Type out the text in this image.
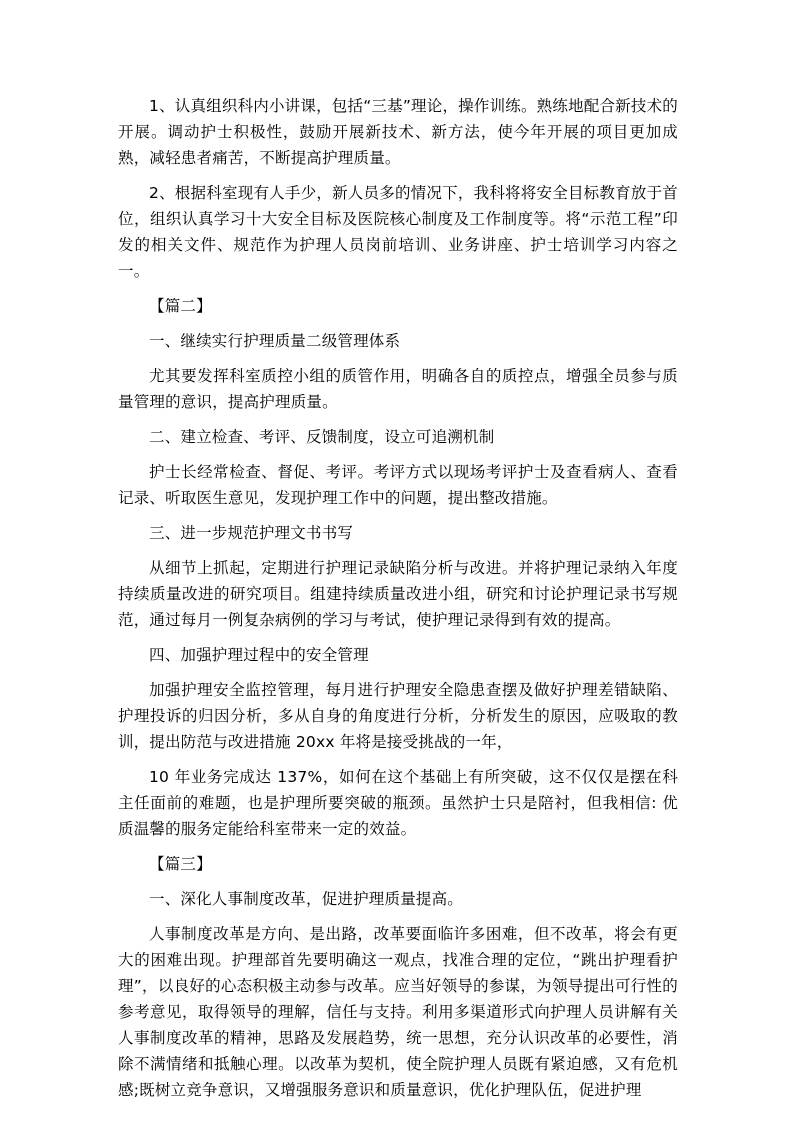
1、认真组织科内小讲课，包括“三基”理论，操作训练。熟练地配合新技术的开展。调动护士积极性，鼓励开展新技术、新方法，使今年开展的项目更加成熟，减轻患者痛苦，不断提高护理质量。

2、根据科室现有人手少，新人员多的情况下，我科将将安全目标教育放于首位，组织认真学习十大安全目标及医院核心制度及工作制度等。将“示范工程”印发的相关文件、规范作为护理人员岗前培训、业务讲座、护士培训学习内容之一。

【篇二】

一、继续实行护理质量二级管理体系

尤其要发挥科室质控小组的质管作用，明确各自的质控点，增强全员参与质量管理的意识，提高护理质量。

二、建立检查、考评、反馈制度，设立可追溯机制

护士长经常检查、督促、考评。考评方式以现场考评护士及查看病人、查看记录、听取医生意见，发现护理工作中的问题，提出整改措施。

三、进一步规范护理文书书写

从细节上抓起，定期进行护理记录缺陷分析与改进。并将护理记录纳入年度持续质量改进的研究项目。组建持续质量改进小组，研究和讨论护理记录书写规范，通过每月一例复杂病例的学习与考试，使护理记录得到有效的提高。

四、加强护理过程中的安全管理

加强护理安全监控管理，每月进行护理安全隐患查摆及做好护理差错缺陷、护理投诉的归因分析，多从自身的角度进行分析，分析发生的原因，应吸取的教训，提出防范与改进措施 20xx 年将是接受挑战的一年，

10 年业务完成达 137%，如何在这个基础上有所突破，这不仅仅是摆在科主任面前的难题，也是护理所要突破的瓶颈。虽然护士只是陪衬，但我相信: 优质温馨的服务定能给科室带来一定的效益。

【篇三】

一、深化人事制度改革，促进护理质量提高。

人事制度改革是方向、是出路，改革要面临许多困难，但不改革，将会有更大的困难出现。护理部首先要明确这一观点，找准合理的定位，“跳出护理看护理”，以良好的心态积极主动参与改革。应当好领导的参谋，为领导提出可行性的参考意见，取得领导的理解，信任与支持。利用多渠道形式向护理人员讲解有关人事制度改革的精神，思路及发展趋势，统一思想，充分认识改革的必要性，消除不满情绪和抵触心理。以改革为契机，使全院护理人员既有紧迫感，又有危机感;既树立竞争意识，又增强服务意识和质量意识，优化护理队伍，促进护理
